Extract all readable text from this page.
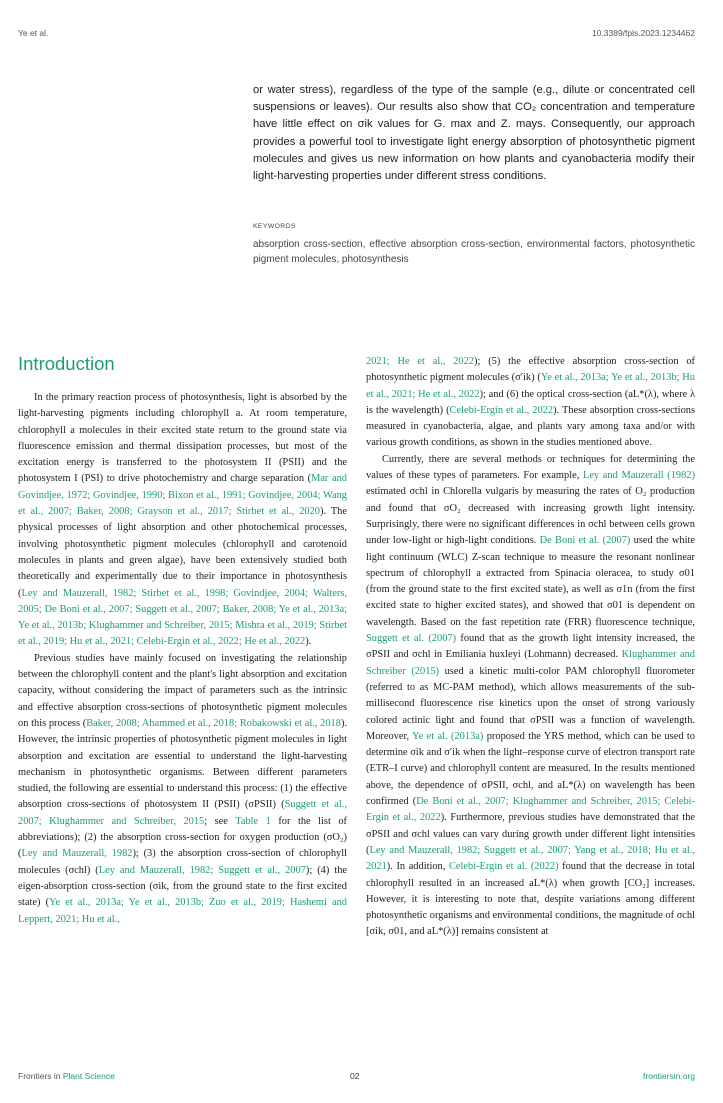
Ye et al.	10.3389/fpls.2023.1234462
or water stress), regardless of the type of the sample (e.g., dilute or concentrated cell suspensions or leaves). Our results also show that CO₂ concentration and temperature have little effect on σik values for G. max and Z. mays. Consequently, our approach provides a powerful tool to investigate light energy absorption of photosynthetic pigment molecules and gives us new information on how plants and cyanobacteria modify their light-harvesting properties under different stress conditions.
KEYWORDS
absorption cross-section, effective absorption cross-section, environmental factors, photosynthetic pigment molecules, photosynthesis
Introduction

In the primary reaction process of photosynthesis, light is absorbed by the light-harvesting pigments including chlorophyll a. At room temperature, chlorophyll a molecules in their excited state return to the ground state via fluorescence emission and thermal dissipation processes, but most of the excitation energy is transferred to the photosystem II (PSII) and the photosystem I (PSI) to drive photochemistry and charge separation (Mar and Govindjee, 1972; Govindjee, 1990; Bixon et al., 1991; Govindjee, 2004; Wang et al., 2007; Baker, 2008; Grayson et al., 2017; Stirbet et al., 2020). The physical processes of light absorption and other photochemical processes, involving photosynthetic pigment molecules (chlorophyll and carotenoid molecules in plants and green algae), have been extensively studied both theoretically and experimentally due to their importance in photosynthesis (Ley and Mauzerall, 1982; Stirbet et al., 1998; Govindjee, 2004; Walters, 2005; De Boni et al., 2007; Suggett et al., 2007; Baker, 2008; Ye et al., 2013a; Ye et al., 2013b; Klughammer and Schreiber, 2015; Mishra et al., 2019; Stirbet et al., 2019; Hu et al., 2021; Celebi-Ergin et al., 2022; He et al., 2022).

Previous studies have mainly focused on investigating the relationship between the chlorophyll content and the plant's light absorption and excitation capacity, without considering the impact of parameters such as the intrinsic and effective absorption cross-sections of photosynthetic pigment molecules on this process (Baker, 2008; Ahammed et al., 2018; Robakowski et al., 2018). However, the intrinsic properties of photosynthetic pigment molecules in light absorption and excitation are essential to understand the light-harvesting mechanism in photosynthetic organisms. Between different parameters studied, the following are essential to understand this process: (1) the effective absorption cross-sections of photosystem II (PSII) (σPSII) (Suggett et al., 2007; Klughammer and Schreiber, 2015; see Table 1 for the list of abbreviations); (2) the absorption cross-section for oxygen production (σO₂) (Ley and Mauzerall, 1982); (3) the absorption cross-section of chlorophyll molecules (σchl) (Ley and Mauzerall, 1982; Suggett et al., 2007); (4) the eigen-absorption cross-section (σik, from the ground state to the first excited state) (Ye et al., 2013a; Ye et al., 2013b; Zuo et al., 2019; Hashemi and Leppert, 2021; Hu et al.,

2021; He et al., 2022); (5) the effective absorption cross-section of photosynthetic pigment molecules (σ′ik) (Ye et al., 2013a; Ye et al., 2013b; Hu et al., 2021; He et al., 2022); and (6) the optical cross-section (aL*(λ), where λ is the wavelength) (Celebi-Ergin et al., 2022). These absorption cross-sections measured in cyanobacteria, algae, and plants vary among taxa and/or with various growth conditions, as shown in the studies mentioned above.

Currently, there are several methods or techniques for determining the values of these types of parameters. For example, Ley and Mauzerall (1982) estimated σchl in Chlorella vulgaris by measuring the rates of O₂ production and found that σO₂ decreased with increasing growth light intensity. Surprisingly, there were no significant differences in σchl between cells grown under low-light or high-light conditions. De Boni et al. (2007) used the white light continuum (WLC) Z-scan technique to measure the resonant nonlinear spectrum of chlorophyll a extracted from Spinacia oleracea, to study σ01 (from the ground state to the first excited state), as well as σ1n (from the first excited state to higher excited states), and showed that σ01 is dependent on wavelength. Based on the fast repetition rate (FRR) fluorescence technique, Suggett et al. (2007) found that as the growth light intensity increased, the σPSII and σchl in Emiliania huxleyi (Lohmann) decreased. Klughammer and Schreiber (2015) used a kinetic multi-color PAM chlorophyll fluorometer (referred to as MC-PAM method), which allows measurements of the sub-millisecond fluorescence rise kinetics upon the onset of strong variously colored actinic light and found that σPSII was a function of wavelength. Moreover, Ye et al. (2013a) proposed the YRS method, which can be used to determine σik and σ′ik when the light–response curve of electron transport rate (ETR–I curve) and chlorophyll content are measured. In the results mentioned above, the dependence of σPSII, σchl, and aL*(λ) on wavelength has been confirmed (De Boni et al., 2007; Klughammer and Schreiber, 2015; Celebi-Ergin et al., 2022). Furthermore, previous studies have demonstrated that the σPSII and σchl values can vary during growth under different light intensities (Ley and Mauzerall, 1982; Suggett et al., 2007; Yang et al., 2018; Hu et al., 2021). In addition, Celebi-Ergin et al. (2022) found that the decrease in total chlorophyll resulted in an increased aL*(λ) when growth [CO₂] increases. However, it is interesting to note that, despite variations among different photosynthetic organisms and environmental conditions, the magnitude of σchl [σik, σ01, and aL*(λ)] remains consistent at

Frontiers in Plant Science	02	frontiersin.org
